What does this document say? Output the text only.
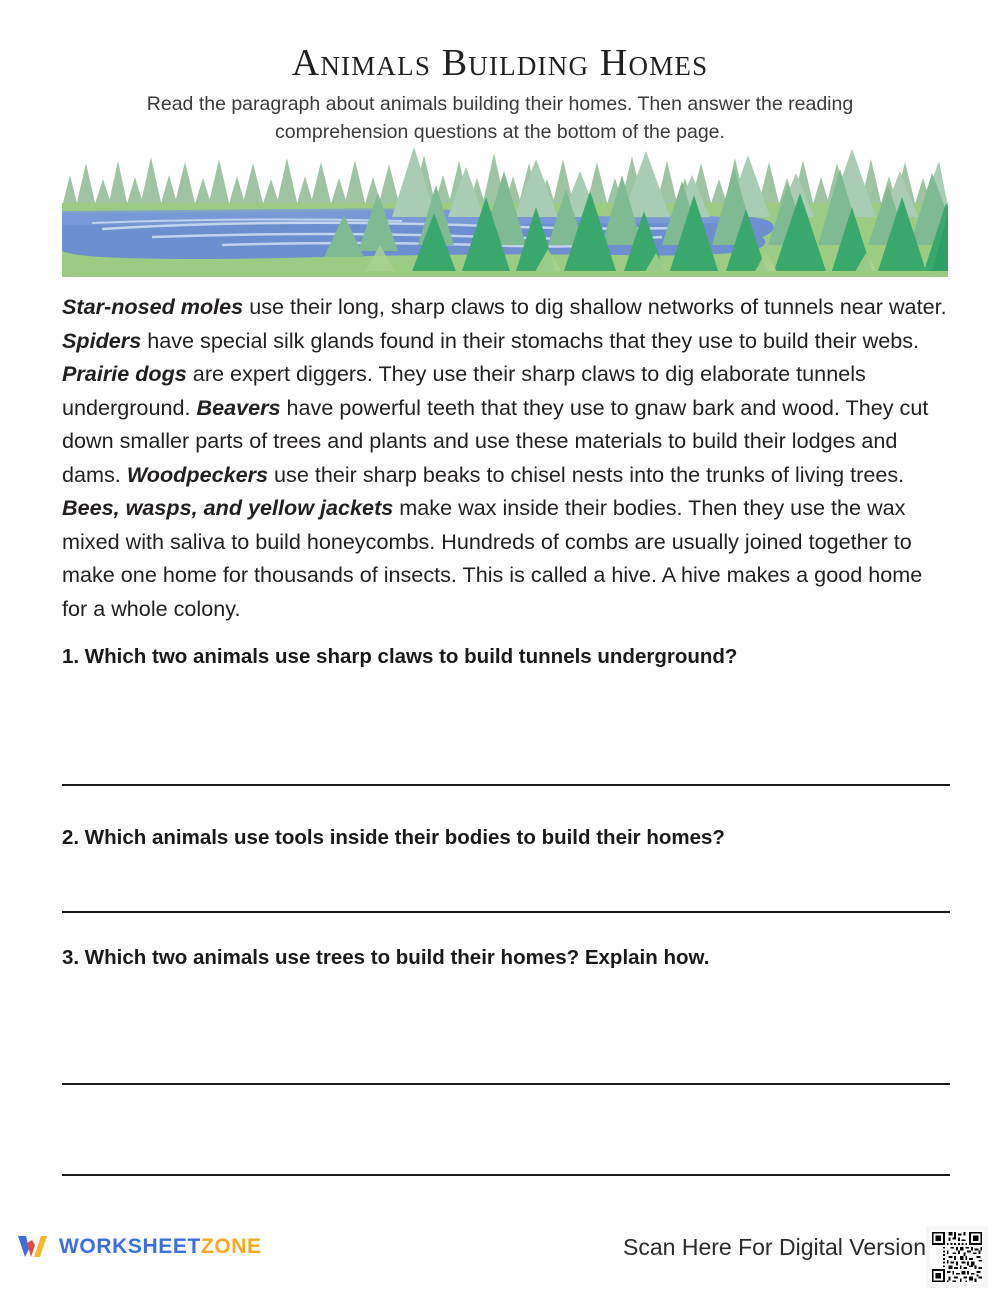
Animals Building Homes
Read the paragraph about animals building their homes. Then answer the reading comprehension questions at the bottom of the page.
Star-nosed moles use their long, sharp claws to dig shallow networks of tunnels near water. Spiders have special silk glands found in their stomachs that they use to build their webs. Prairie dogs are expert diggers. They use their sharp claws to dig elaborate tunnels underground. Beavers have powerful teeth that they use to gnaw bark and wood. They cut down smaller parts of trees and plants and use these materials to build their lodges and dams. Woodpeckers use their sharp beaks to chisel nests into the trunks of living trees. Bees, wasps, and yellow jackets make wax inside their bodies. Then they use the wax mixed with saliva to build honeycombs. Hundreds of combs are usually joined together to make one home for thousands of insects. This is called a hive. A hive makes a good home for a whole colony.
1. Which two animals use sharp claws to build tunnels underground?
2. Which animals use tools inside their bodies to build their homes?
3. Which two animals use trees to build their homes? Explain how.
WORKSHEETZONE	Scan Here For Digital Version
